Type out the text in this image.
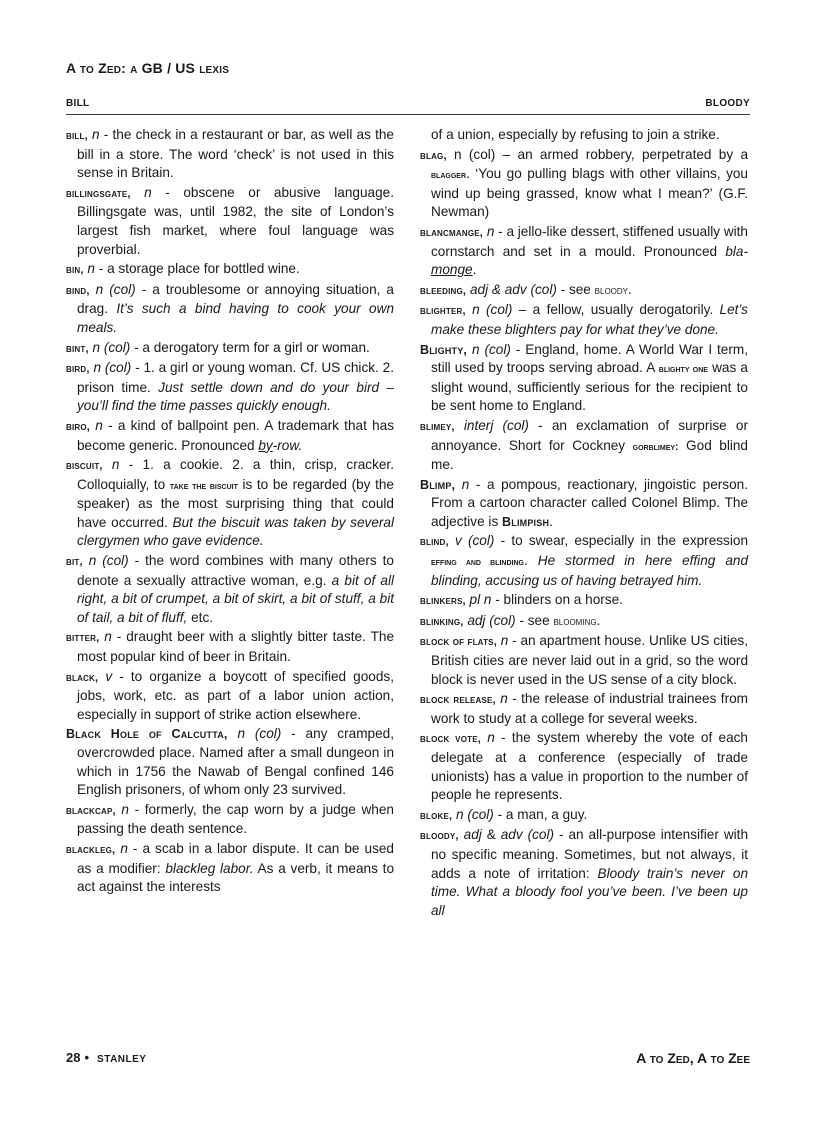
A to Zed: a GB / US lexis
BILL	BLOODY

bill, n - the check in a restaurant or bar, as well as the bill in a store. The word ‘check’ is not used in this sense in Britain.

billingsgate, n - obscene or abusive language. Billingsgate was, until 1982, the site of London’s largest fish market, where foul language was proverbial.

bin, n - a storage place for bottled wine.

bind, n (col) - a troublesome or annoying situation, a drag. It’s such a bind having to cook your own meals.

bint, n (col) - a derogatory term for a girl or woman.

bird, n (col) - 1. a girl or young woman. Cf. US chick. 2. prison time. Just settle down and do your bird – you’ll find the time passes quickly enough.

biro, n - a kind of ballpoint pen. A trademark that has become generic. Pronounced by-row.

biscuit, n - 1. a cookie. 2. a thin, crisp, cracker. Colloquially, to take the biscuit is to be regarded (by the speaker) as the most surprising thing that could have occurred. But the biscuit was taken by several clergymen who gave evidence.

bit, n (col) - the word combines with many others to denote a sexually attractive woman, e.g. a bit of all right, a bit of crumpet, a bit of skirt, a bit of stuff, a bit of tail, a bit of fluff, etc.

bitter, n - draught beer with a slightly bitter taste. The most popular kind of beer in Britain.

black, v - to organize a boycott of specified goods, jobs, work, etc. as part of a labor union action, especially in support of strike action elsewhere.

Black Hole of Calcutta, n (col) - any cramped, overcrowded place. Named after a small dungeon in which in 1756 the Nawab of Bengal confined 146 English prisoners, of whom only 23 survived.

blackcap, n - formerly, the cap worn by a judge when passing the death sentence.

blackleg, n - a scab in a labor dispute. It can be used as a modifier: blackleg labor. As a verb, it means to act against the interests

of a union, especially by refusing to join a strike.

blag, n (col) – an armed robbery, perpetrated by a blagger. ‘You go pulling blags with other villains, you wind up being grassed, know what I mean?’ (G.F. Newman)

blancmange, n - a jello-like dessert, stiffened usually with cornstarch and set in a mould. Pronounced bla-monge.

bleeding, adj & adv (col) - see bloody.

blighter, n (col) – a fellow, usually derogatorily. Let’s make these blighters pay for what they’ve done.

Blighty, n (col) - England, home. A World War I term, still used by troops serving abroad. A blighty one was a slight wound, sufficiently serious for the recipient to be sent home to England.

blimey, interj (col) - an exclamation of surprise or annoyance. Short for Cockney gorblimey: God blind me.

Blimp, n - a pompous, reactionary, jingoistic person. From a cartoon character called Colonel Blimp. The adjective is Blimpish.

blind, v (col) - to swear, especially in the expression effing and blinding. He stormed in here effing and blinding, accusing us of having betrayed him.

blinkers, pl n - blinders on a horse.

blinking, adj (col) - see blooming.

block of flats, n - an apartment house. Unlike US cities, British cities are never laid out in a grid, so the word block is never used in the US sense of a city block.

block release, n - the release of industrial trainees from work to study at a college for several weeks.

block vote, n - the system whereby the vote of each delegate at a conference (especially of trade unionists) has a value in proportion to the number of people he represents.

bloke, n (col) - a man, a guy.

bloody, adj & adv (col) - an all-purpose intensifier with no specific meaning. Sometimes, but not always, it adds a note of irritation: Bloody train’s never on time. What a bloody fool you’ve been. I’ve been up all

28 • STANLEY	A to Zed, A to Zee
